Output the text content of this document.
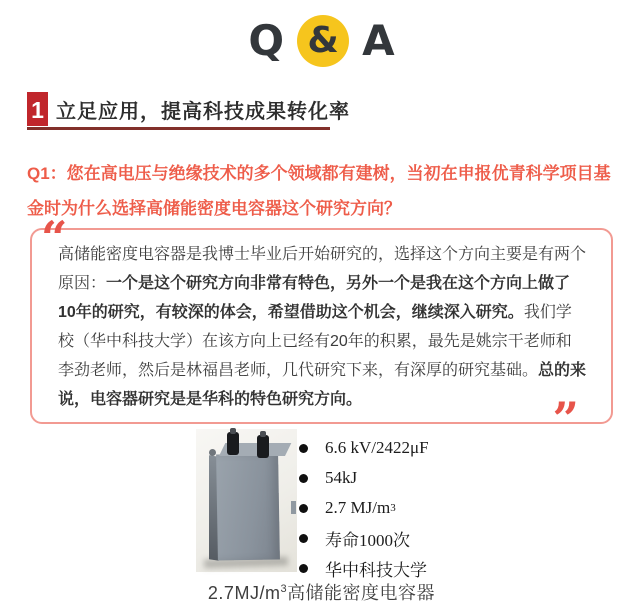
Q & A
1 立足应用，提高科技成果转化率

Q1：您在高电压与绝缘技术的多个领域都有建树，当初在申报优青科学项目基金时为什么选择高储能密度电容器这个研究方向？

“

高储能密度电容器是我博士毕业后开始研究的，选择这个方向主要是有两个原因：一个是这个研究方向非常有特色，另外一个是我在这个方向上做了10年的研究，有较深的体会，希望借助这个机会，继续深入研究。我们学校（华中科技大学）在该方向上已经有20年的积累，最先是姚宗干老师和李劲老师，然后是林福昌老师，几代研究下来，有深厚的研究基础。总的来说，电容器研究是是华科的特色研究方向。	”
6.6 kV/2422μF
54kJ
2.7 MJ/m 3
寿命1000次
华中科技大学
$2.7MJ/m^3$高储能密度电容器
